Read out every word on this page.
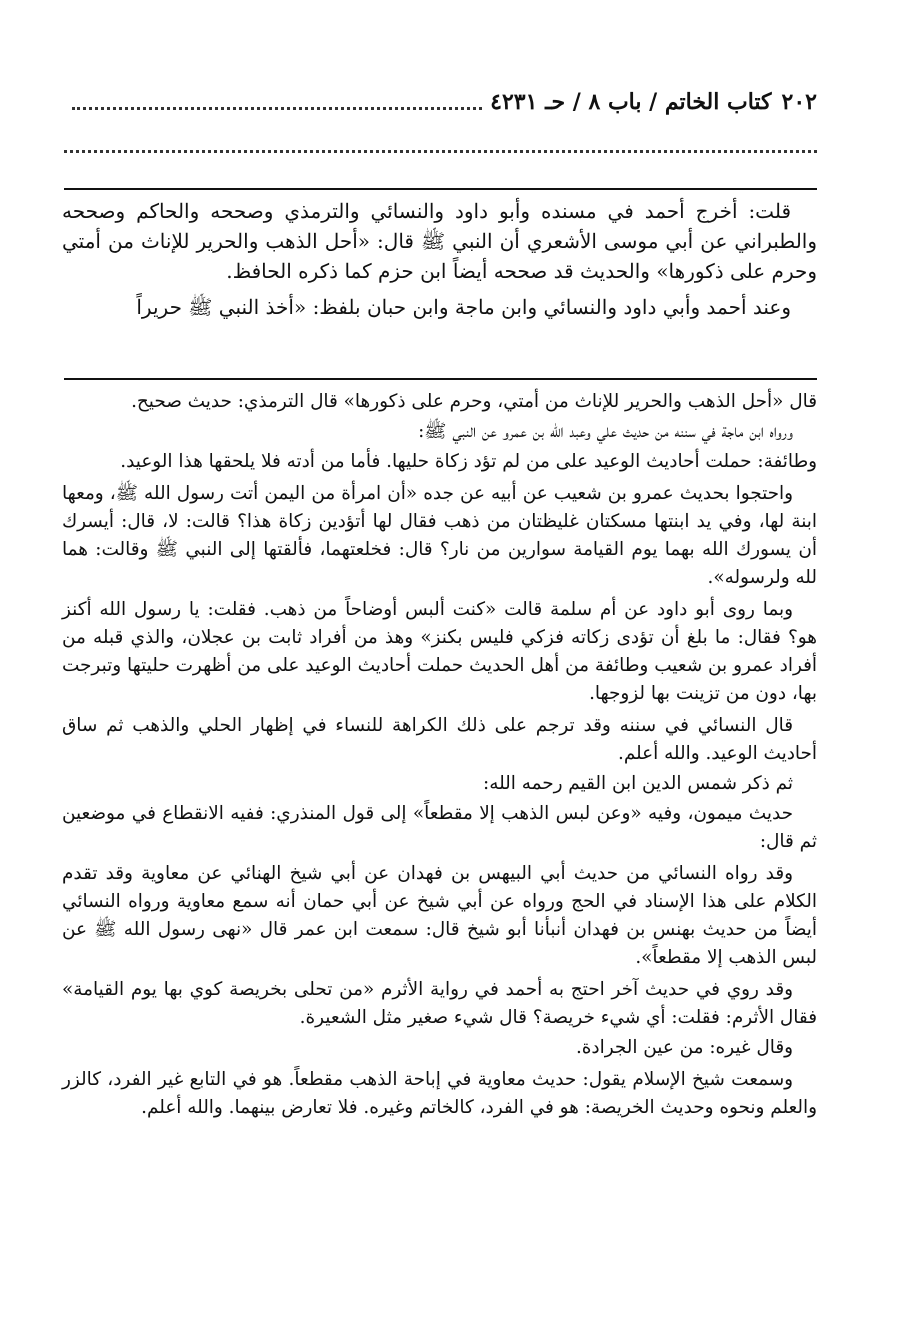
٢٠٢
كتاب الخاتم / باب ٨ / حـ ٤٢٣١

قلت: أخرج أحمد في مسنده وأبو داود والنسائي والترمذي وصححه والحاكم وصححه والطبراني عن أبي موسى الأشعري أن النبي ﷺ قال: «أحل الذهب والحرير للإناث من أمتي وحرم على ذكورها» والحديث قد صححه أيضاً ابن حزم كما ذكره الحافظ.

وعند أحمد وأبي داود والنسائي وابن ماجة وابن حبان بلفظ: «أخذ النبي ﷺ حريراً

قال «أحل الذهب والحرير للإناث من أمتي، وحرم على ذكورها» قال الترمذي: حديث صحيح.

ورواه ابن ماجة في سننه من حديث علي وعبد الله بن عمرو عن النبي ﷺ:

وطائفة: حملت أحاديث الوعيد على من لم تؤد زكاة حليها. فأما من أدته فلا يلحقها هذا الوعيد.

واحتجوا بحديث عمرو بن شعيب عن أبيه عن جده «أن امرأة من اليمن أتت رسول الله ﷺ، ومعها ابنة لها، وفي يد ابنتها مسكتان غليظتان من ذهب فقال لها أتؤدين زكاة هذا؟ قالت: لا، قال: أيسرك أن يسورك الله بهما يوم القيامة سوارين من نار؟ قال: فخلعتهما، فألقتها إلى النبي ﷺ وقالت: هما لله ولرسوله».

وبما روى أبو داود عن أم سلمة قالت «كنت ألبس أوضاحاً من ذهب. فقلت: يا رسول الله أكنز هو؟ فقال: ما بلغ أن تؤدى زكاته فزكي فليس بكنز» وهذ من أفراد ثابت بن عجلان، والذي قبله من أفراد عمرو بن شعيب وطائفة من أهل الحديث حملت أحاديث الوعيد على من أظهرت حليتها وتبرجت بها، دون من تزينت بها لزوجها.

قال النسائي في سننه وقد ترجم على ذلك الكراهة للنساء في إظهار الحلي والذهب ثم ساق أحاديث الوعيد. والله أعلم.

ثم ذكر شمس الدين ابن القيم رحمه الله:

حديث ميمون، وفيه «وعن لبس الذهب إلا مقطعاً» إلى قول المنذري: ففيه الانقطاع في موضعين ثم قال:

وقد رواه النسائي من حديث أبي البيهس بن فهدان عن أبي شيخ الهنائي عن معاوية وقد تقدم الكلام على هذا الإسناد في الحج ورواه عن أبي شيخ عن أبي حمان أنه سمع معاوية ورواه النسائي أيضاً من حديث بهنس بن فهدان أنبأنا أبو شيخ قال: سمعت ابن عمر قال «نهى رسول الله ﷺ عن لبس الذهب إلا مقطعاً».

وقد روي في حديث آخر احتج به أحمد في رواية الأثرم «من تحلى بخريصة كوي بها يوم القيامة» فقال الأثرم: فقلت: أي شيء خريصة؟ قال شيء صغير مثل الشعيرة.

وقال غيره: من عين الجرادة.

وسمعت شيخ الإسلام يقول: حديث معاوية في إباحة الذهب مقطعاً. هو في التابع غير الفرد، كالزر والعلم ونحوه وحديث الخريصة: هو في الفرد، كالخاتم وغيره. فلا تعارض بينهما. والله أعلم.
